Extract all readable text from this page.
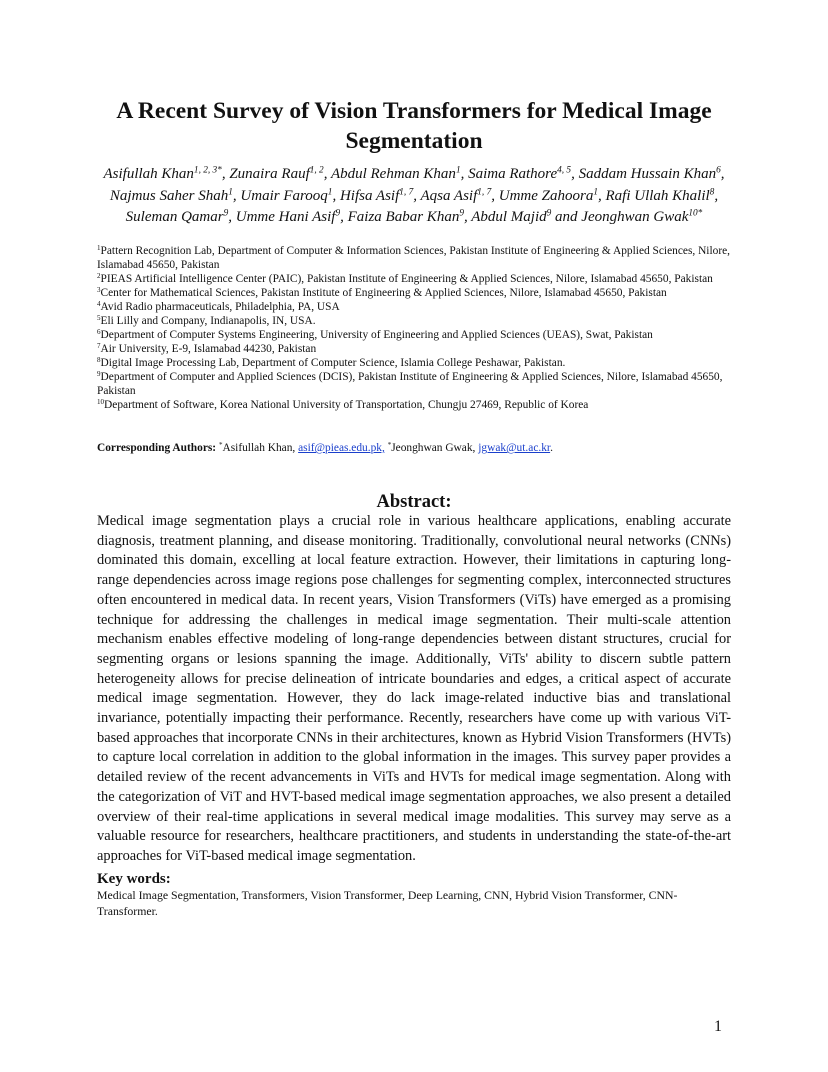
A Recent Survey of Vision Transformers for Medical Image Segmentation
Asifullah Khan$^{1, 2, 3*}$, Zunaira Rauf$^{1, 2}$, Abdul Rehman Khan$^1$, Saima Rathore$^{4, 5}$, Saddam Hussain Khan$^6$, Najmus Saher Shah$^1$, Umair Farooq$^1$, Hifsa Asif$^{1, 7}$, Aqsa Asif$^{1, 7}$, Umme Zahoora$^1$, Rafi Ullah Khalil$^8$, Suleman Qamar$^9$, Umme Hani Asif$^9$, Faiza Babar Khan$^9$, Abdul Majid$^9$ and Jeonghwan Gwak$^{10*}$
$^1$Pattern Recognition Lab, Department of Computer & Information Sciences, Pakistan Institute of Engineering & Applied Sciences, Nilore, Islamabad 45650, Pakistan
$^2$PIEAS Artificial Intelligence Center (PAIC), Pakistan Institute of Engineering & Applied Sciences, Nilore, Islamabad 45650, Pakistan
$^3$Center for Mathematical Sciences, Pakistan Institute of Engineering & Applied Sciences, Nilore, Islamabad 45650, Pakistan
$^4$Avid Radio pharmaceuticals, Philadelphia, PA, USA
$^5$Eli Lilly and Company, Indianapolis, IN, USA.
$^6$Department of Computer Systems Engineering, University of Engineering and Applied Sciences (UEAS), Swat, Pakistan
$^7$Air University, E-9, Islamabad 44230, Pakistan
$^8$Digital Image Processing Lab, Department of Computer Science, Islamia College Peshawar, Pakistan.
$^9$Department of Computer and Applied Sciences (DCIS), Pakistan Institute of Engineering & Applied Sciences, Nilore, Islamabad 45650, Pakistan
$^{10}$Department of Software, Korea National University of Transportation, Chungju 27469, Republic of Korea
Corresponding Authors: *Asifullah Khan, asif@pieas.edu.pk, *Jeonghwan Gwak, jgwak@ut.ac.kr.
Abstract:
Medical image segmentation plays a crucial role in various healthcare applications, enabling accurate diagnosis, treatment planning, and disease monitoring. Traditionally, convolutional neural networks (CNNs) dominated this domain, excelling at local feature extraction. However, their limitations in capturing long-range dependencies across image regions pose challenges for segmenting complex, interconnected structures often encountered in medical data. In recent years, Vision Transformers (ViTs) have emerged as a promising technique for addressing the challenges in medical image segmentation. Their multi-scale attention mechanism enables effective modeling of long-range dependencies between distant structures, crucial for segmenting organs or lesions spanning the image. Additionally, ViTs' ability to discern subtle pattern heterogeneity allows for precise delineation of intricate boundaries and edges, a critical aspect of accurate medical image segmentation. However, they do lack image-related inductive bias and translational invariance, potentially impacting their performance. Recently, researchers have come up with various ViT-based approaches that incorporate CNNs in their architectures, known as Hybrid Vision Transformers (HVTs) to capture local correlation in addition to the global information in the images. This survey paper provides a detailed review of the recent advancements in ViTs and HVTs for medical image segmentation. Along with the categorization of ViT and HVT-based medical image segmentation approaches, we also present a detailed overview of their real-time applications in several medical image modalities. This survey may serve as a valuable resource for researchers, healthcare practitioners, and students in understanding the state-of-the-art approaches for ViT-based medical image segmentation.
Key words:
Medical Image Segmentation, Transformers, Vision Transformer, Deep Learning, CNN, Hybrid Vision Transformer, CNN-Transformer.
1
